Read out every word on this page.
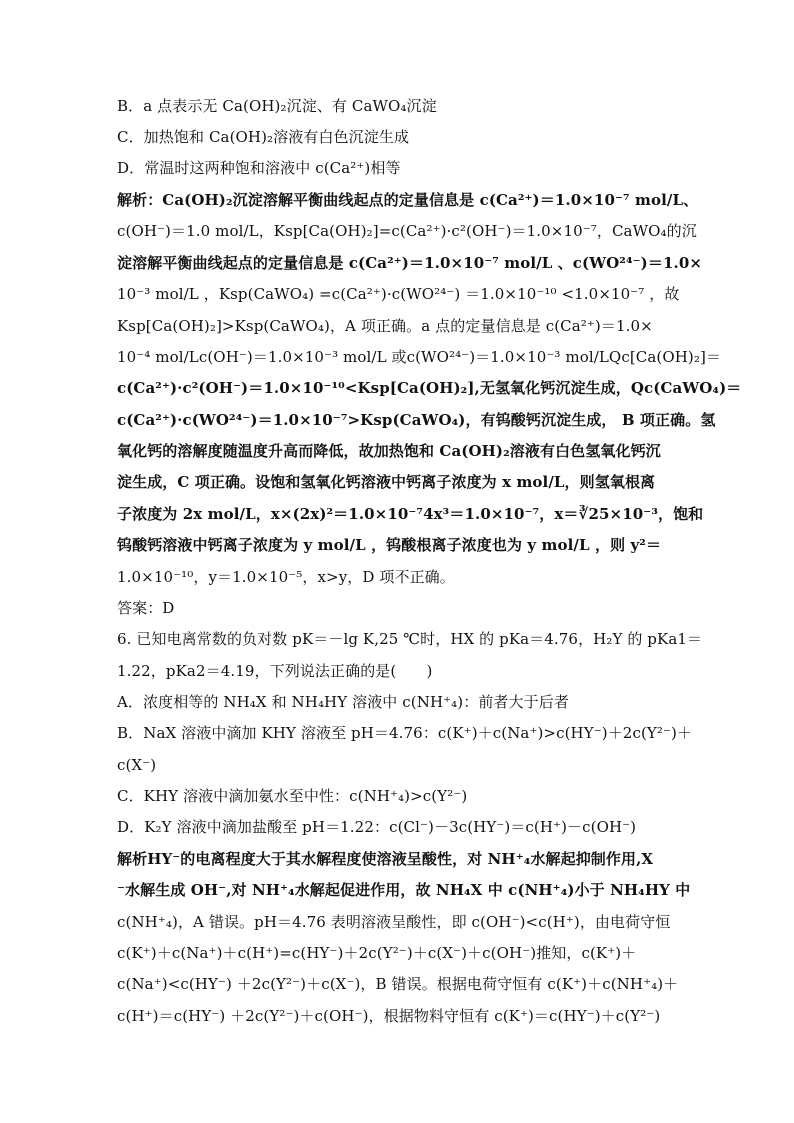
B．a 点表示无 Ca(OH)₂沉淀、有 CaWO₄沉淀
C．加热饱和 Ca(OH)₂溶液有白色沉淀生成
D．常温时这两种饱和溶液中 c(Ca²⁺)相等
解析：Ca(OH)₂沉淀溶解平衡曲线起点的定量信息是 c(Ca²⁺)＝1.0×10⁻⁷ mol/L、
c(OH⁻)＝1.0 mol/L，Ksp[Ca(OH)₂]=c(Ca²⁺)·c²(OH⁻)＝1.0×10⁻⁷，CaWO₄的沉
淀溶解平衡曲线起点的定量信息是 c(Ca²⁺)＝1.0×10⁻⁷ mol/L 、c(WO²⁴⁻)＝1.0×
10⁻³ mol/L ，Ksp(CaWO₄) =c(Ca²⁺)·c(WO²⁴⁻) ＝1.0×10⁻¹⁰ <1.0×10⁻⁷ ，故
Ksp[Ca(OH)₂]>Ksp(CaWO₄)，A 项正确。a 点的定量信息是 c(Ca²⁺)＝1.0×
10⁻⁴ mol/Lc(OH⁻)＝1.0×10⁻³ mol/L 或c(WO²⁴⁻)＝1.0×10⁻³ mol/LQc[Ca(OH)₂]＝
c(Ca²⁺)·c²(OH⁻)＝1.0×10⁻¹⁰<Ksp[Ca(OH)₂],无氢氧化钙沉淀生成，Qc(CaWO₄)＝
c(Ca²⁺)·c(WO²⁴⁻)＝1.0×10⁻⁷>Ksp(CaWO₄)，有钨酸钙沉淀生成， B 项正确。氢
氧化钙的溶解度随温度升高而降低，故加热饱和 Ca(OH)₂溶液有白色氢氧化钙沉
淀生成，C 项正确。设饱和氢氧化钙溶液中钙离子浓度为 x mol/L，则氢氧根离
子浓度为 2x mol/L，x×(2x)²＝1.0×10⁻⁷4x³＝1.0×10⁻⁷，x＝∛25×10⁻³，饱和
钨酸钙溶液中钙离子浓度为 y mol/L ，钨酸根离子浓度也为 y mol/L ，则 y²＝
1.0×10⁻¹⁰，y＝1.0×10⁻⁵，x>y，D 项不正确。
答案：D
6. 已知电离常数的负对数 pK＝－lg K,25 ℃时，HX 的 pKa＝4.76，H₂Y 的 pKa1＝
1.22，pKa2＝4.19，下列说法正确的是(　　)
A．浓度相等的 NH₄X 和 NH₄HY 溶液中 c(NH⁺₄)：前者大于后者
B．NaX 溶液中滴加 KHY 溶液至 pH＝4.76：c(K⁺)＋c(Na⁺)>c(HY⁻)＋2c(Y²⁻)＋
c(X⁻)
C．KHY 溶液中滴加氨水至中性：c(NH⁺₄)>c(Y²⁻)
D．K₂Y 溶液中滴加盐酸至 pH＝1.22：c(Cl⁻)－3c(HY⁻)＝c(H⁺)－c(OH⁻)
解析HY⁻的电离程度大于其水解程度使溶液呈酸性，对 NH⁺₄水解起抑制作用,X
⁻水解生成 OH⁻,对 NH⁺₄水解起促进作用，故 NH₄X 中 c(NH⁺₄)小于 NH₄HY 中
c(NH⁺₄)，A 错误。pH＝4.76 表明溶液呈酸性，即 c(OH⁻)<c(H⁺)，由电荷守恒
c(K⁺)＋c(Na⁺)＋c(H⁺)=c(HY⁻)＋2c(Y²⁻)＋c(X⁻)＋c(OH⁻)推知，c(K⁺)＋
c(Na⁺)<c(HY⁻) ＋2c(Y²⁻)＋c(X⁻)，B 错误。根据电荷守恒有 c(K⁺)＋c(NH⁺₄)＋
c(H⁺)＝c(HY⁻) ＋2c(Y²⁻)＋c(OH⁻)，根据物料守恒有 c(K⁺)＝c(HY⁻)＋c(Y²⁻)
